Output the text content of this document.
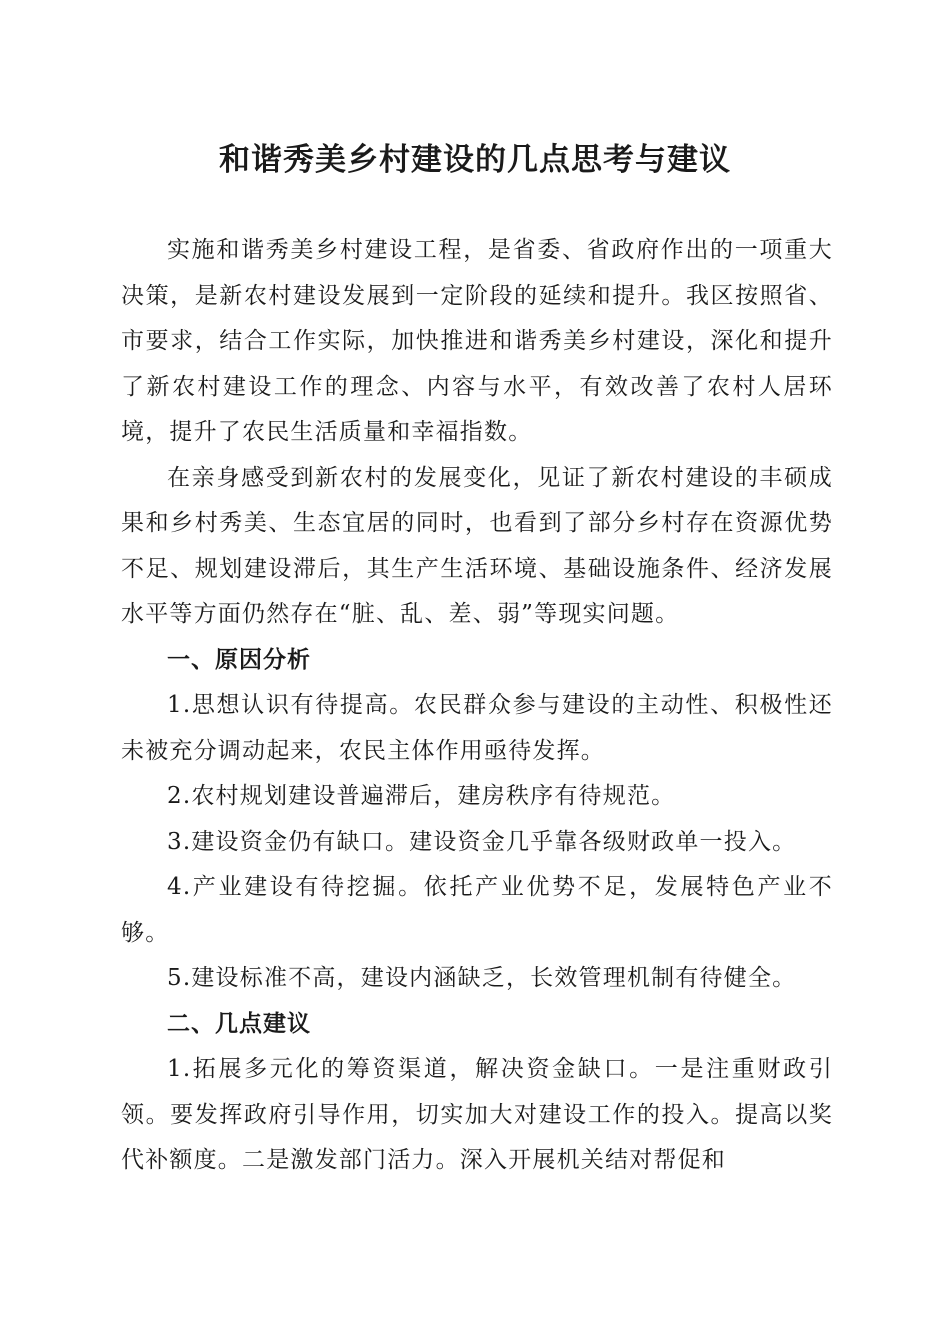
和谐秀美乡村建设的几点思考与建议

实施和谐秀美乡村建设工程，是省委、省政府作出的一项重大决策，是新农村建设发展到一定阶段的延续和提升。我区按照省、市要求，结合工作实际，加快推进和谐秀美乡村建设，深化和提升了新农村建设工作的理念、内容与水平，有效改善了农村人居环境，提升了农民生活质量和幸福指数。

在亲身感受到新农村的发展变化，见证了新农村建设的丰硕成果和乡村秀美、生态宜居的同时，也看到了部分乡村存在资源优势不足、规划建设滞后，其生产生活环境、基础设施条件、经济发展水平等方面仍然存在“脏、乱、差、弱”等现实问题。

一、原因分析

1.思想认识有待提高。农民群众参与建设的主动性、积极性还未被充分调动起来，农民主体作用亟待发挥。

2.农村规划建设普遍滞后，建房秩序有待规范。

3.建设资金仍有缺口。建设资金几乎靠各级财政单一投入。

4.产业建设有待挖掘。依托产业优势不足，发展特色产业不够。

5.建设标准不高，建设内涵缺乏，长效管理机制有待健全。

二、几点建议

1.拓展多元化的筹资渠道，解决资金缺口。一是注重财政引领。要发挥政府引导作用，切实加大对建设工作的投入。提高以奖代补额度。二是激发部门活力。深入开展机关结对帮促和
